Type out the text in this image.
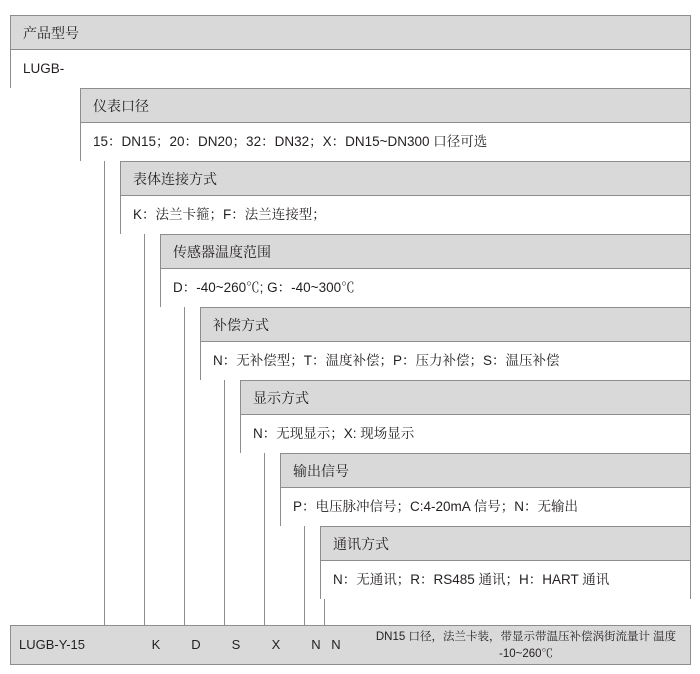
产品型号
LUGB-
仪表口径
15：DN15；20：DN20；32：DN32；X：DN15~DN300 口径可选
表体连接方式
K：法兰卡箍；F：法兰连接型；
传感器温度范围
D：-40~260℃; G：-40~300℃
补偿方式
N：无补偿型；T：温度补偿；P：压力补偿；S：温压补偿
显示方式
N：无现显示；X: 现场显示
输出信号
P：电压脉冲信号；C:4-20mA 信号；N：无输出
通讯方式
N：无通讯；R：RS485 通讯；H：HART 通讯
LUGB-Y-15	K	D	S	X	N N	DN15 口径，法兰卡装，带显示带温压补偿涡街流量计 温度 -10~260℃
